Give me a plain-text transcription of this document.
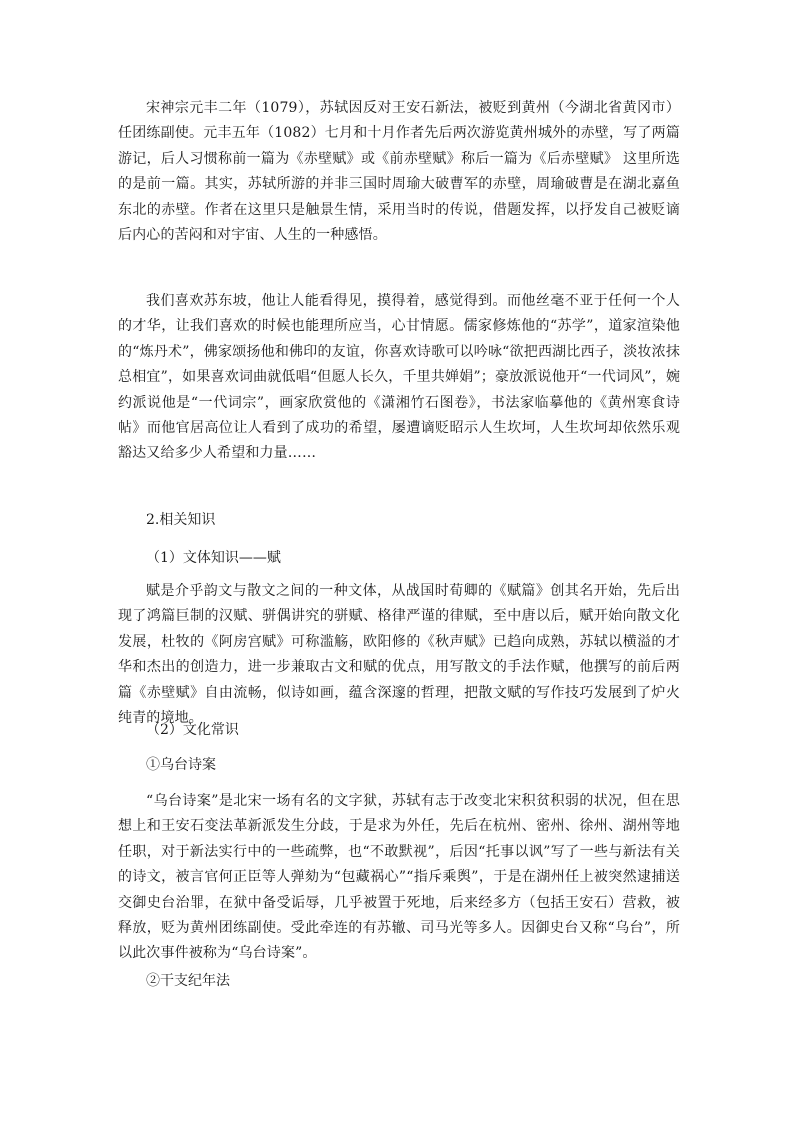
宋神宗元丰二年（1079），苏轼因反对王安石新法，被贬到黄州（今湖北省黄冈市）任团练副使。元丰五年（1082）七月和十月作者先后两次游览黄州城外的赤壁，写了两篇游记，后人习惯称前一篇为《赤壁赋》或《前赤壁赋》称后一篇为《后赤壁赋》 这里所选的是前一篇。其实，苏轼所游的并非三国时周瑜大破曹军的赤壁，周瑜破曹是在湖北嘉鱼东北的赤壁。作者在这里只是触景生情，采用当时的传说，借题发挥，以抒发自己被贬谪后内心的苦闷和对宇宙、人生的一种感悟。

我们喜欢苏东坡，他让人能看得见，摸得着，感觉得到。而他丝毫不亚于任何一个人的才华，让我们喜欢的时候也能理所应当，心甘情愿。儒家修炼他的“苏学”，道家渲染他的“炼丹术”，佛家颂扬他和佛印的友谊，你喜欢诗歌可以吟咏“欲把西湖比西子，淡妆浓抹总相宜”，如果喜欢词曲就低唱“但愿人长久，千里共婵娟”；豪放派说他开“一代词风”，婉约派说他是“一代词宗”，画家欣赏他的《潇湘竹石图卷》，书法家临摹他的《黄州寒食诗帖》而他官居高位让人看到了成功的希望，屡遭谪贬昭示人生坎坷，人生坎坷却依然乐观豁达又给多少人希望和力量……

2.相关知识

（1）文体知识——赋

赋是介乎韵文与散文之间的一种文体，从战国时荀卿的《赋篇》创其名开始，先后出现了鸿篇巨制的汉赋、骈偶讲究的骈赋、格律严谨的律赋，至中唐以后，赋开始向散文化发展，杜牧的《阿房宫赋》可称滥觞，欧阳修的《秋声赋》已趋向成熟，苏轼以横溢的才华和杰出的创造力，进一步兼取古文和赋的优点，用写散文的手法作赋，他撰写的前后两篇《赤壁赋》自由流畅，似诗如画，蕴含深邃的哲理，把散文赋的写作技巧发展到了炉火纯青的境地。

（2）文化常识

①乌台诗案

“乌台诗案”是北宋一场有名的文字狱，苏轼有志于改变北宋积贫积弱的状况，但在思想上和王安石变法革新派发生分歧，于是求为外任，先后在杭州、密州、徐州、湖州等地任职，对于新法实行中的一些疏弊，也“不敢默视”，后因“托事以讽”写了一些与新法有关的诗文，被言官何正臣等人弹劾为“包藏祸心”“指斥乘舆”，于是在湖州任上被突然逮捕送交御史台治罪，在狱中备受诟辱，几乎被置于死地，后来经多方（包括王安石）营救，被释放，贬为黄州团练副使。受此牵连的有苏辙、司马光等多人。因御史台又称“乌台”，所以此次事件被称为“乌台诗案”。

②干支纪年法
